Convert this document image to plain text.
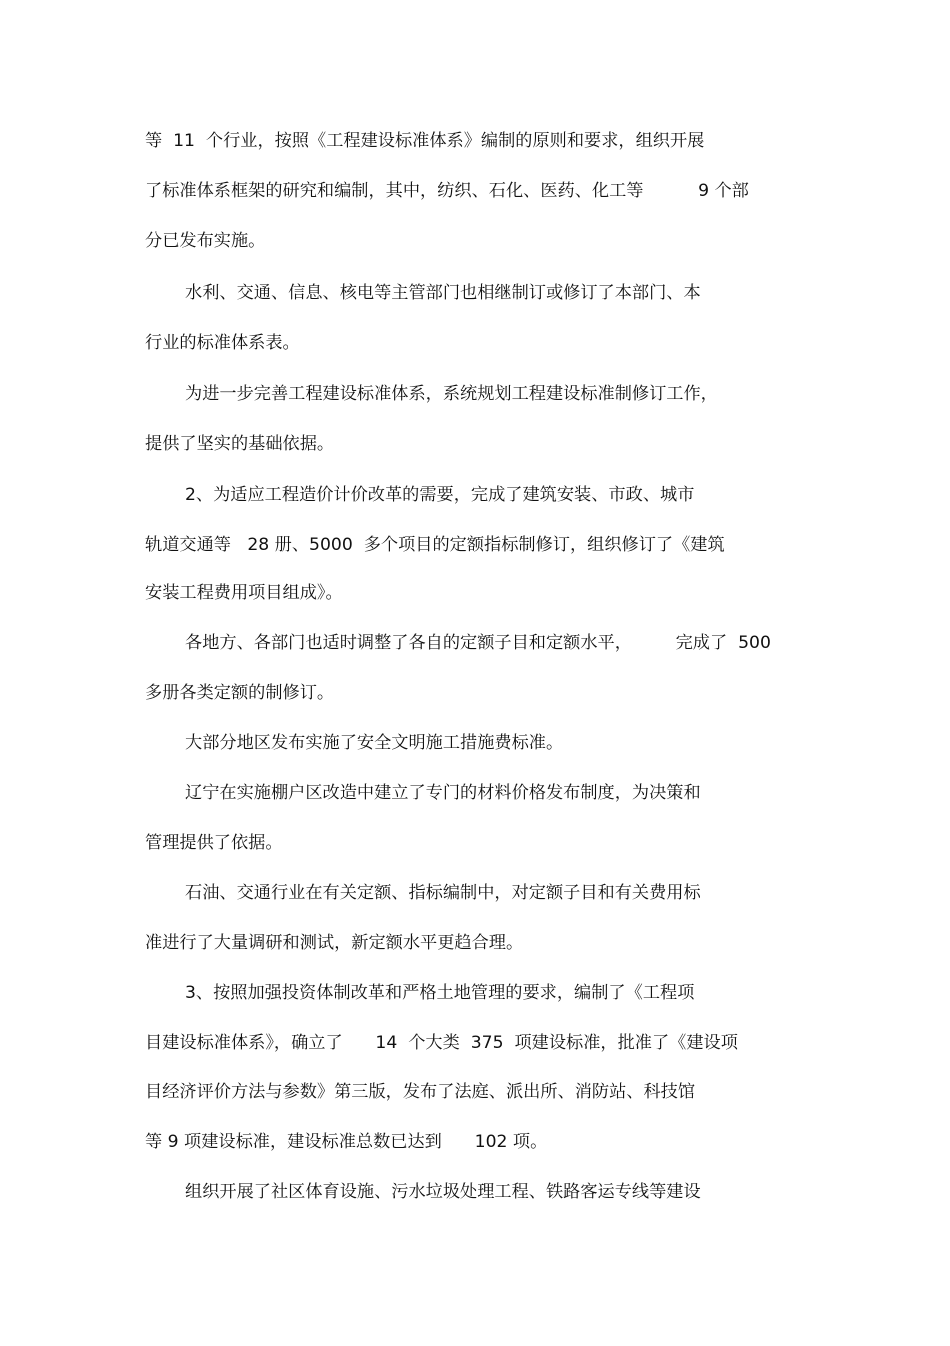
等  11  个行业，按照《工程建设标准体系》编制的原则和要求，组织开展
了标准体系框架的研究和编制，其中，纺织、石化、医药、化工等          9 个部
分已发布实施。
水利、交通、信息、核电等主管部门也相继制订或修订了本部门、本
行业的标准体系表。
为进一步完善工程建设标准体系，系统规划工程建设标准制修订工作，
提供了坚实的基础依据。
2、为适应工程造价计价改革的需要，完成了建筑安装、市政、城市
轨道交通等   28 册、5000  多个项目的定额指标制修订，组织修订了《建筑
安装工程费用项目组成》。
各地方、各部门也适时调整了各自的定额子目和定额水平，        完成了  500
多册各类定额的制修订。
大部分地区发布实施了安全文明施工措施费标准。
辽宁在实施棚户区改造中建立了专门的材料价格发布制度，为决策和
管理提供了依据。
石油、交通行业在有关定额、指标编制中，对定额子目和有关费用标
准进行了大量调研和测试，新定额水平更趋合理。
3、按照加强投资体制改革和严格土地管理的要求，编制了《工程项
目建设标准体系》，确立了      14  个大类  375  项建设标准，批准了《建设项
目经济评价方法与参数》第三版，发布了法庭、派出所、消防站、科技馆
等 9 项建设标准，建设标准总数已达到      102 项。
组织开展了社区体育设施、污水垃圾处理工程、铁路客运专线等建设
